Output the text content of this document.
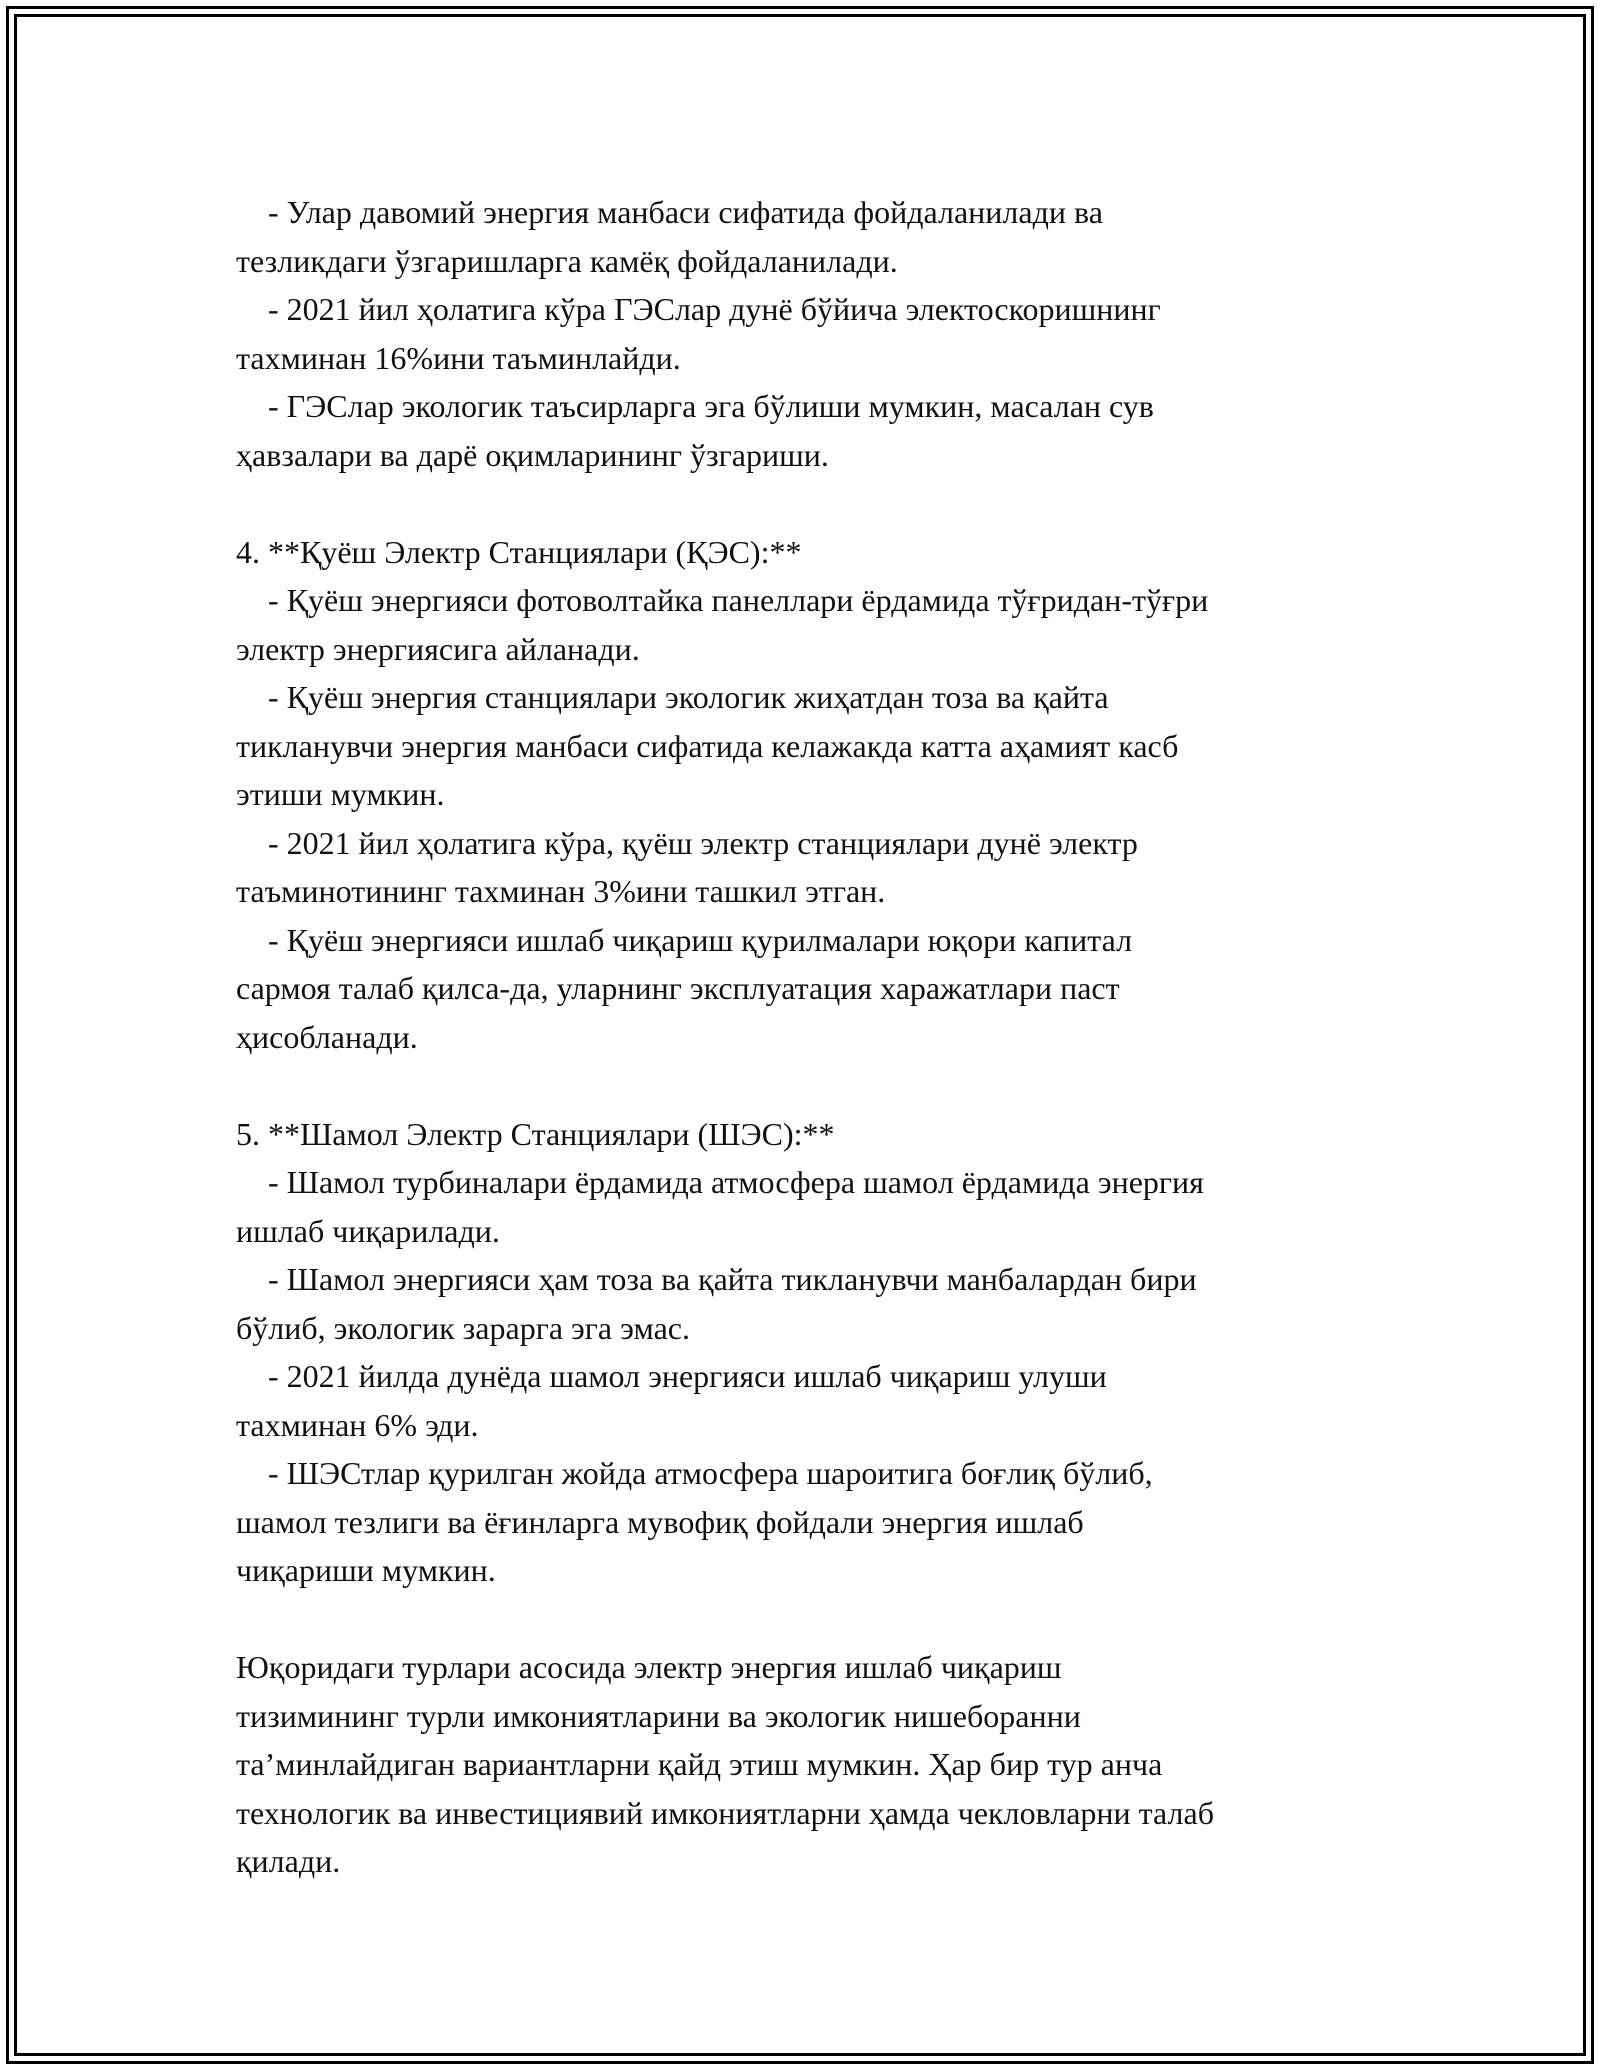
- Улар давомий энергия манбаси сифатида фойдаланилади ва
тезликдаги ўзгаришларга камёқ фойдаланилади.
- 2021 йил ҳолатига кўра ГЭСлар дунё бўйича электоскоришнинг
тахминан 16%ини таъминлайди.
- ГЭСлар экологик таъсирларга эга бўлиши мумкин, масалан сув
ҳавзалари ва дарё оқимларининг ўзгариши.
4. **Қуёш Электр Станциялари (ҚЭС):**
- Қуёш энергияси фотоволтайка панеллари ёрдамида тўғридан-тўғри
электр энергиясига айланади.
- Қуёш энергия станциялари экологик жиҳатдан тоза ва қайта
тикланувчи энергия манбаси сифатида келажакда катта аҳамият касб
этиши мумкин.
- 2021 йил ҳолатига кўра, қуёш электр станциялари дунё электр
таъминотининг тахминан 3%ини ташкил этган.
- Қуёш энергияси ишлаб чиқариш қурилмалари юқори капитал
сармоя талаб қилса-да, уларнинг эксплуатация харажатлари паст
ҳисобланади.
5. **Шамол Электр Станциялари (ШЭС):**
- Шамол турбиналари ёрдамида атмосфера шамол ёрдамида энергия
ишлаб чиқарилади.
- Шамол энергияси ҳам тоза ва қайта тикланувчи манбалардан бири
бўлиб, экологик зарарга эга эмас.
- 2021 йилда дунёда шамол энергияси ишлаб чиқариш улуши
тахминан 6% эди.
- ШЭСтлар қурилган жойда атмосфера шароитига боғлиқ бўлиб,
шамол тезлиги ва ёғинларга мувофиқ фойдали энергия ишлаб
чиқариши мумкин.
Юқоридаги турлари асосида электр энергия ишлаб чиқариш
тизимининг турли имкониятларини ва экологик нишеборанни
та’минлайдиган вариантларни қайд этиш мумкин. Ҳар бир тур анча
технологик ва инвестициявий имкониятларни ҳамда чекловларни талаб
қилади.
